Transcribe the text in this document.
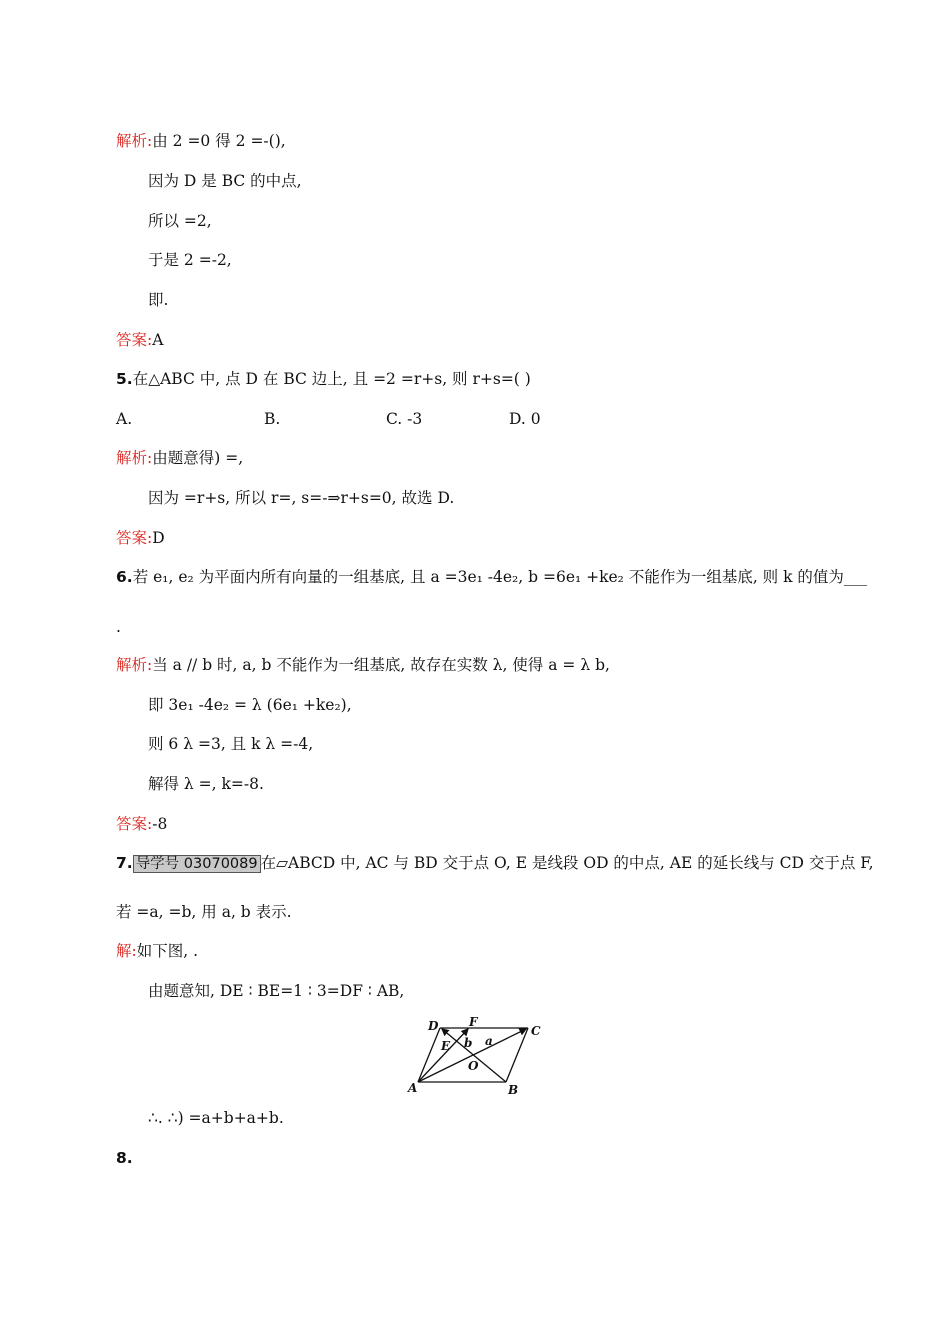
解析:由 2 =0 得 2 =-(),
因为 D 是 BC 的中点,
所以 =2,
于是 2 =-2,
即.
答案:A
5.在△ABC 中, 点 D 在 BC 边上, 且 =2 =r+s, 则 r+s=( )
A.	B.	C. -3	D. 0
解析:由题意得) =,
因为 =r+s, 所以 r=, s=-⇒r+s=0, 故选 D.
答案:D
6.若 e₁, e₂ 为平面内所有向量的一组基底, 且 a =3e₁ -4e₂, b =6e₁ +ke₂ 不能作为一组基底, 则 k 的值为___
.
解析:当 a // b 时, a, b 不能作为一组基底, 故存在实数 λ, 使得 a = λ b,
即 3e₁ -4e₂ = λ (6e₁ +ke₂),
则 6 λ =3, 且 k λ =-4,
解得 λ =, k=-8.
答案:-8
7. 导学号 03070089 在▱ABCD 中, AC 与 BD 交于点 O, E 是线段 OD 的中点, AE 的延长线与 CD 交于点 F,
若 =a, =b, 用 a, b 表示.
解:如下图, .
由题意知, DE ∶ BE=1 ∶ 3=DF ∶ AB,
A	B
C
D
E
F
O
a
b
∴. ∴) =a+b+a+b.
8.
